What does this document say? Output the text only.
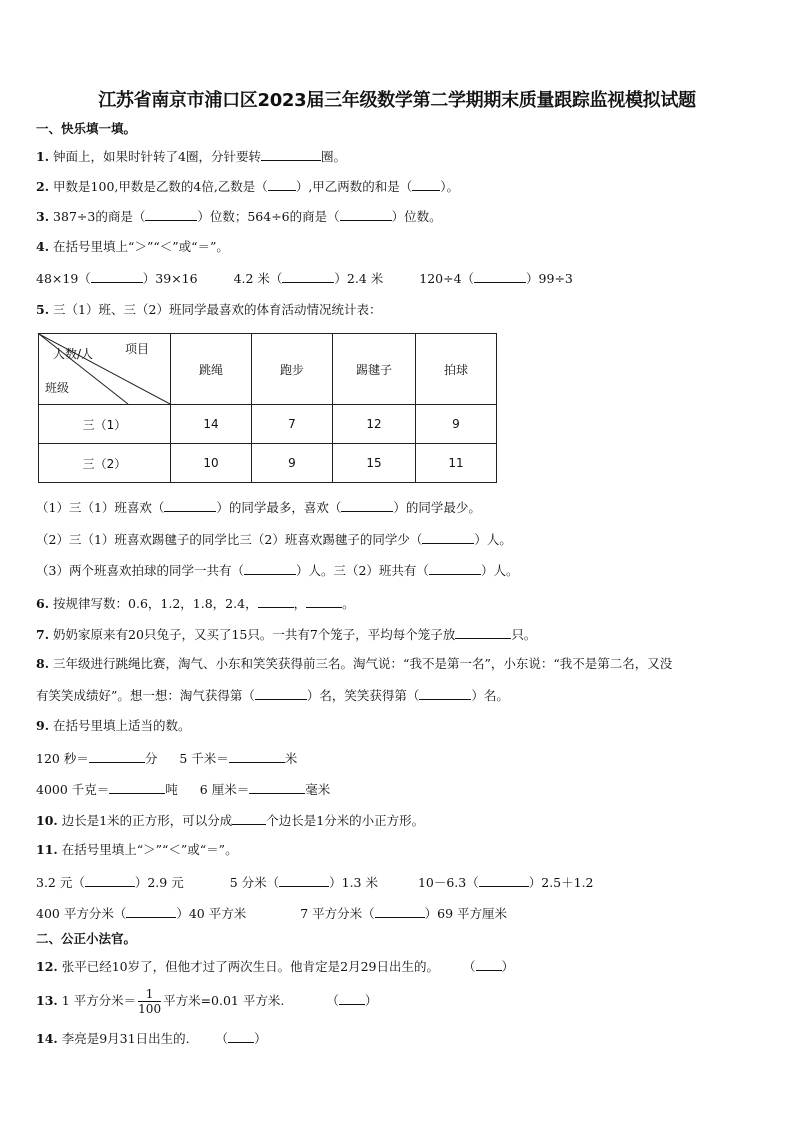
江苏省南京市浦口区2023届三年级数学第二学期期末质量跟踪监视模拟试题
一、快乐填一填。
1. 钟面上，如果时针转了4圈，分针要转	圈。
2. 甲数是100,甲数是乙数的4倍,乙数是（ ）,甲乙两数的和是（ ）。
3. 387÷3的商是（	）位数；564÷6的商是（	）位数。
4. 在括号里填上“＞”“＜”或“＝”。
48×19（	）39×16	4.2 米（	）2.4 米	120÷4（	）99÷3
5. 三（1）班、三（2）班同学最喜欢的体育活动情况统计表：
项目
人数/人
班级	跳绳	跑步	踢毽子	拍球
三（1）	14	7	12	9
三（2）	10	9	15	11
（1）三（1）班喜欢（	）的同学最多，喜欢（	）的同学最少。
（2）三（1）班喜欢踢毽子的同学比三（2）班喜欢踢毽子的同学少（	）人。
（3）两个班喜欢拍球的同学一共有（	）人。三（2）班共有（	）人。
6. 按规律写数：0.6，1.2，1.8，2.4，	，	。
7. 奶奶家原来有20只兔子，又买了15只。一共有7个笼子，平均每个笼子放	只。
8. 三年级进行跳绳比赛，淘气、小东和笑笑获得前三名。淘气说：“我不是第一名”，小东说：“我不是第二名，又没
有笑笑成绩好”。想一想：淘气获得第（	）名，笑笑获得第（	）名。
9. 在括号里填上适当的数。
120 秒＝	分 5 千米＝	米
4000 千克＝	吨 6 厘米＝	毫米
10. 边长是1米的正方形，可以分成	个边长是1分米的小正方形。
11. 在括号里填上“＞”“＜”或“＝”。
3.2 元（	）2.9 元	5 分米（	）1.3 米	10－6.3（	）2.5＋1.2
400 平方分米（	）40 平方米	7 平方分米（	）69 平方厘米
二、公正小法官。
12. 张平已经10岁了，但他才过了两次生日。他肯定是2月29日出生的。 （ ）
13. 1 平方分米＝ $\frac{1}{100}$ 平方米=0.01 平方米.	（ ）
14. 李亮是9月31日出生的. （ ）
